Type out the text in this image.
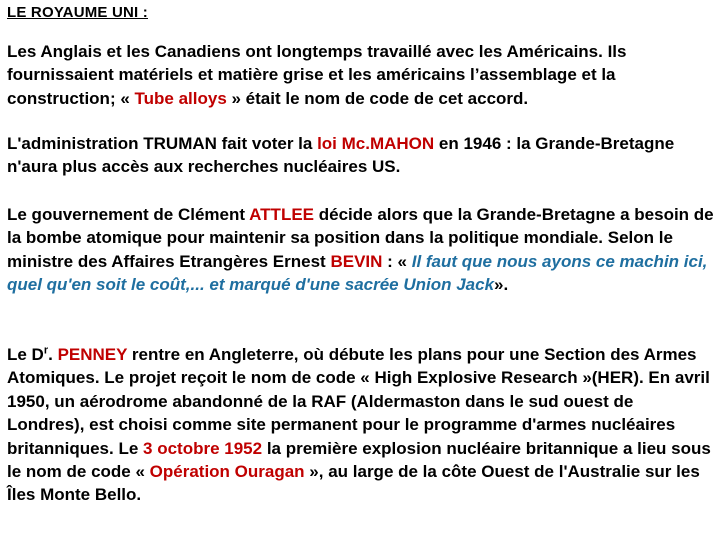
LE ROYAUME UNI :
Les Anglais et les Canadiens ont longtemps travaillé avec les Américains. Ils fournissaient matériels et matière grise et les américains l’assemblage et la construction; « Tube alloys » était le nom de code de cet accord.
L'administration TRUMAN fait voter la loi Mc.MAHON en 1946 : la Grande-Bretagne n'aura plus accès aux recherches nucléaires US.
Le gouvernement de Clément ATTLEE décide alors que la Grande-Bretagne a besoin de la bombe atomique pour maintenir sa position dans la politique mondiale. Selon le ministre des Affaires Etrangères Ernest BEVIN : « Il faut que nous ayons ce machin ici, quel qu'en soit le coût,... et marqué d'une sacrée Union Jack».
Le $D^r$. PENNEY rentre en Angleterre, où débute les plans pour une Section des Armes Atomiques. Le projet reçoit le nom de code « High Explosive Research »(HER). En avril 1950, un aérodrome abandonné de la RAF (Aldermaston dans le sud ouest de Londres), est choisi comme site permanent pour le programme d'armes nucléaires britanniques. Le 3 octobre 1952 la première explosion nucléaire britannique a lieu sous le nom de code « Opération Ouragan », au large de la côte Ouest de l'Australie sur les Îles Monte Bello.
